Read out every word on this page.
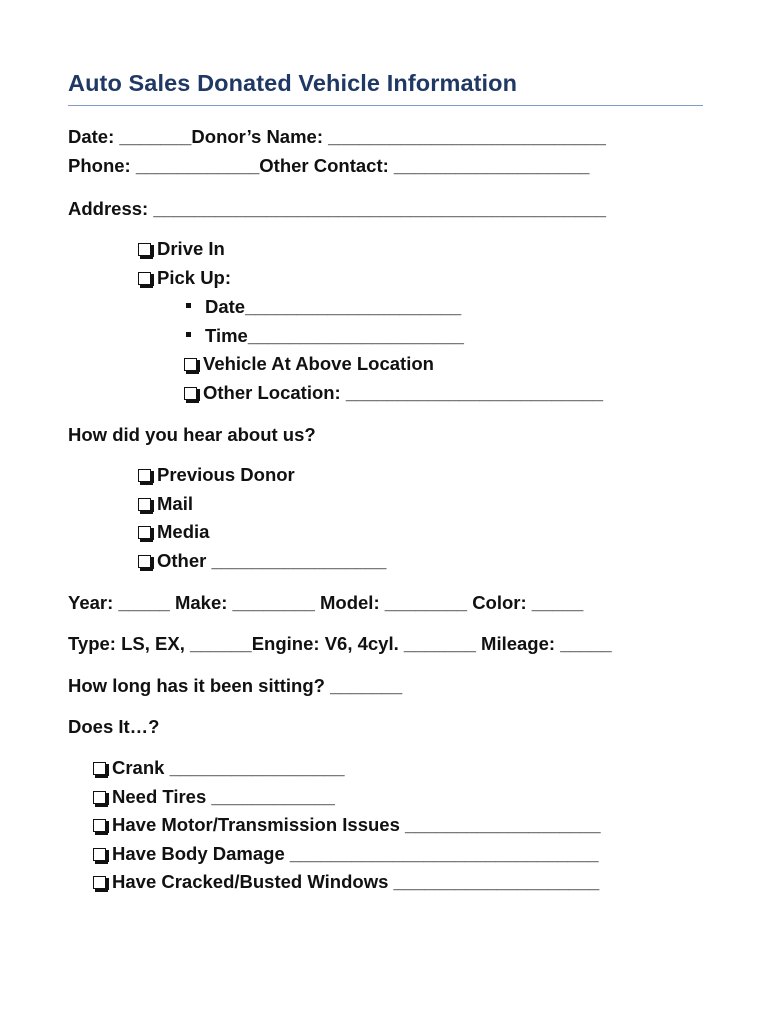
Auto Sales Donated Vehicle Information
Date: _______Donor’s Name: ___________________________
Phone: ____________Other Contact: ___________________
Address: ____________________________________________
Drive In
Pick Up:
Date_____________________
Time_____________________
Vehicle At Above Location
Other Location: _________________________
How did you hear about us?
Previous Donor
Mail
Media
Other _________________
Year: _____ Make: ________ Model: ________ Color: _____
Type: LS, EX, ______Engine: V6, 4cyl. _______ Mileage: _____
How long has it been sitting? _______
Does It…?
Crank _________________
Need Tires ____________
Have Motor/Transmission Issues ___________________
Have Body Damage ______________________________
Have Cracked/Busted Windows ____________________
